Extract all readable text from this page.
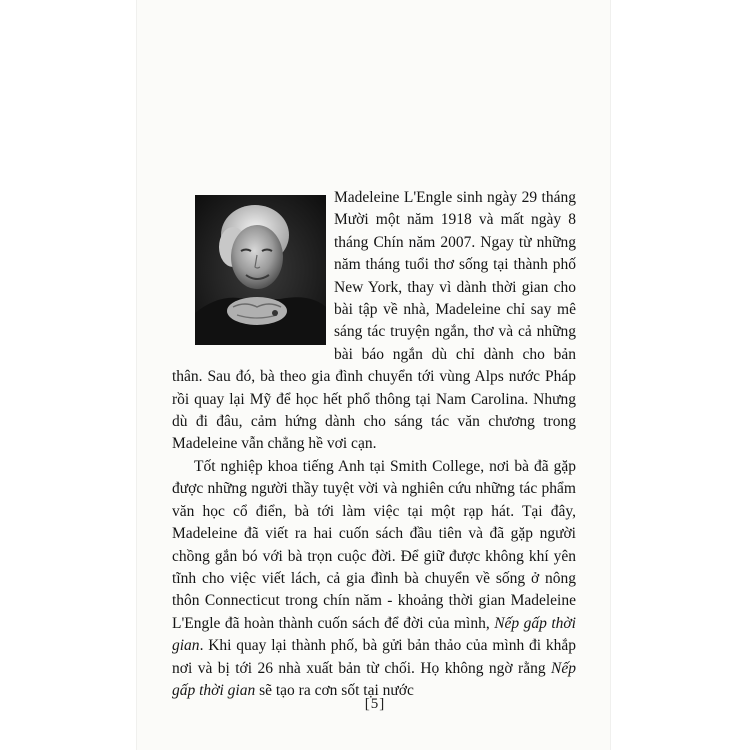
Madeleine L'Engle sinh ngày 29 tháng Mười một năm 1918 và mất ngày 8 tháng Chín năm 2007. Ngay từ những năm tháng tuổi thơ sống tại thành phố New York, thay vì dành thời gian cho bài tập về nhà, Madeleine chỉ say mê sáng tác truyện ngắn, thơ và cả những bài báo ngắn dù chỉ dành cho bản thân. Sau đó, bà theo gia đình chuyển tới vùng Alps nước Pháp rồi quay lại Mỹ để học hết phổ thông tại Nam Carolina. Nhưng dù đi đâu, cảm hứng dành cho sáng tác văn chương trong Madeleine vẫn chẳng hề vơi cạn.

Tốt nghiệp khoa tiếng Anh tại Smith College, nơi bà đã gặp được những người thầy tuyệt vời và nghiên cứu những tác phẩm văn học cổ điển, bà tới làm việc tại một rạp hát. Tại đây, Madeleine đã viết ra hai cuốn sách đầu tiên và đã gặp người chồng gắn bó với bà trọn cuộc đời. Để giữ được không khí yên tĩnh cho việc viết lách, cả gia đình bà chuyển về sống ở nông thôn Connecticut trong chín năm - khoảng thời gian Madeleine L'Engle đã hoàn thành cuốn sách để đời của mình, Nếp gấp thời gian. Khi quay lại thành phố, bà gửi bản thảo của mình đi khắp nơi và bị tới 26 nhà xuất bản từ chối. Họ không ngờ rằng Nếp gấp thời gian sẽ tạo ra cơn sốt tại nước

[5]
